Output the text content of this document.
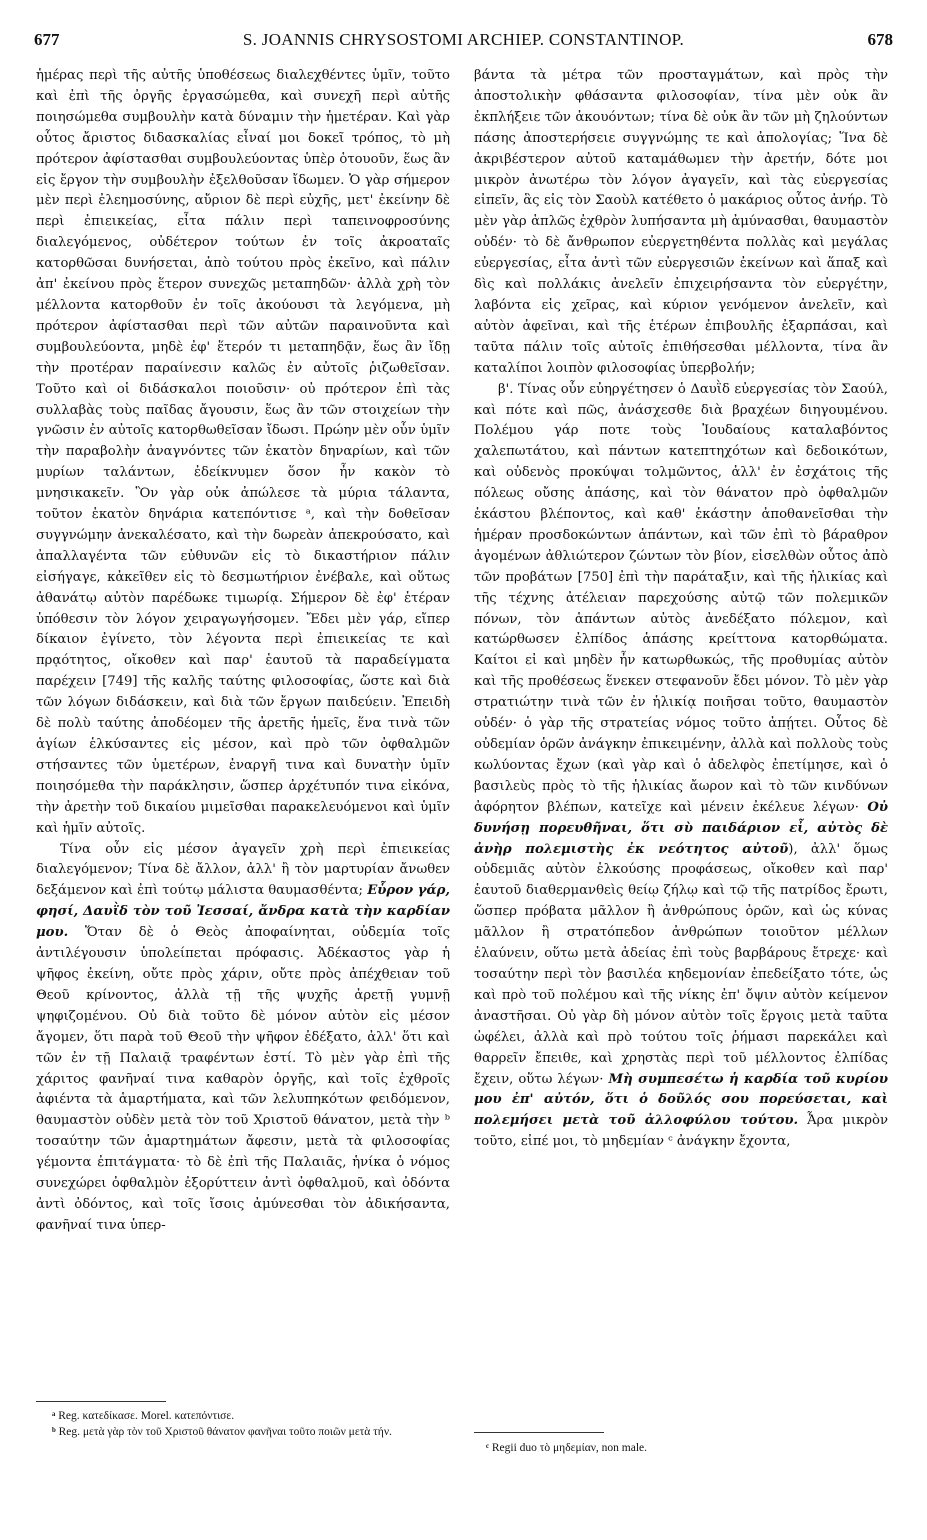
677	S. JOANNIS CHRYSOSTOMI ARCHIEP. CONSTANTINOP.	678

ἡμέρας περὶ τῆς αὐτῆς ὑποθέσεως διαλεχθέντες ὑμῖν, τοῦτο καὶ ἐπὶ τῆς ὀργῆς ἐργασώμεθα, καὶ συνεχῆ περὶ αὐτῆς ποιησώμεθα συμβουλὴν κατὰ δύναμιν τὴν ἡμετέραν. Καὶ γὰρ οὗτος ἄριστος διδασκαλίας εἶναί μοι δοκεῖ τρόπος, τὸ μὴ πρότερον ἀφίστασθαι συμβουλεύοντας ὑπὲρ ὁτουοῦν, ἕως ἂν εἰς ἔργον τὴν συμβουλὴν ἐξελθοῦσαν ἴδωμεν. Ὁ γὰρ σήμερον μὲν περὶ ἐλεημοσύνης, αὔριον δὲ περὶ εὐχῆς, μετ' ἐκείνην δὲ περὶ ἐπιεικείας, εἶτα πάλιν περὶ ταπεινοφροσύνης διαλεγόμενος, οὐδέτερον τούτων ἐν τοῖς ἀκροαταῖς κατορθῶσαι δυνήσεται, ἀπὸ τούτου πρὸς ἐκεῖνο, καὶ πάλιν ἀπ' ἐκείνου πρὸς ἕτερον συνεχῶς μεταπηδῶν· ἀλλὰ χρὴ τὸν μέλλοντα κατορθοῦν ἐν τοῖς ἀκούουσι τὰ λεγόμενα, μὴ πρότερον ἀφίστασθαι περὶ τῶν αὐτῶν παραινοῦντα καὶ συμβουλεύοντα, μηδὲ ἐφ' ἕτερόν τι μεταπηδᾷν, ἕως ἂν ἴδῃ τὴν προτέραν παραίνεσιν καλῶς ἐν αὐτοῖς ῥιζωθεῖσαν. Τοῦτο καὶ οἱ διδάσκαλοι ποιοῦσιν· οὐ πρότερον ἐπὶ τὰς συλλαβὰς τοὺς παῖδας ἄγουσιν, ἕως ἂν τῶν στοιχείων τὴν γνῶσιν ἐν αὐτοῖς κατορθωθεῖσαν ἴδωσι. Πρώην μὲν οὖν ὑμῖν τὴν παραβολὴν ἀναγνόντες τῶν ἑκατὸν δηναρίων, καὶ τῶν μυρίων ταλάντων, ἐδείκνυμεν ὅσον ἦν κακὸν τὸ μνησικακεῖν. Ὃν γὰρ οὐκ ἀπώλεσε τὰ μύρια τάλαντα, τοῦτον ἑκατὸν δηνάρια κατεπόντισε ᵃ, καὶ τὴν δοθεῖσαν συγγνώμην ἀνεκαλέσατο, καὶ τὴν δωρεὰν ἀπεκρούσατο, καὶ ἀπαλλαγέντα τῶν εὐθυνῶν εἰς τὸ δικαστήριον πάλιν εἰσήγαγε, κἀκεῖθεν εἰς τὸ δεσμωτήριον ἐνέβαλε, καὶ οὕτως ἀθανάτῳ αὐτὸν παρέδωκε τιμωρίᾳ. Σήμερον δὲ ἐφ' ἑτέραν ὑπόθεσιν τὸν λόγον χειραγωγήσομεν. Ἔδει μὲν γάρ, εἴπερ δίκαιον ἐγίνετο, τὸν λέγοντα περὶ ἐπιεικείας τε καὶ πρᾳότητος, οἴκοθεν καὶ παρ' ἑαυτοῦ τὰ παραδείγματα παρέχειν [749] τῆς καλῆς ταύτης φιλοσοφίας, ὥστε καὶ διὰ τῶν λόγων διδάσκειν, καὶ διὰ τῶν ἔργων παιδεύειν. Ἐπειδὴ δὲ πολὺ ταύτης ἀποδέομεν τῆς ἀρετῆς ἡμεῖς, ἕνα τινὰ τῶν ἁγίων ἑλκύσαντες εἰς μέσον, καὶ πρὸ τῶν ὀφθαλμῶν στήσαντες τῶν ὑμετέρων, ἐναργῆ τινα καὶ δυνατὴν ὑμῖν ποιησόμεθα τὴν παράκλησιν, ὥσπερ ἀρχέτυπόν τινα εἰκόνα, τὴν ἀρετὴν τοῦ δικαίου μιμεῖσθαι παρακελευόμενοι καὶ ὑμῖν καὶ ἡμῖν αὐτοῖς.

Τίνα οὖν εἰς μέσον ἀγαγεῖν χρὴ περὶ ἐπιεικείας διαλεγόμενον; Τίνα δὲ ἄλλον, ἀλλ' ἢ τὸν μαρτυρίαν ἄνωθεν δεξάμενον καὶ ἐπὶ τούτῳ μάλιστα θαυμασθέντα; Εὗρον γάρ, φησί, Δαυῒδ τὸν τοῦ Ἰεσσαί, ἄνδρα κατὰ τὴν καρδίαν μου. Ὅταν δὲ ὁ Θεὸς ἀποφαίνηται, οὐδεμία τοῖς ἀντιλέγουσιν ὑπολείπεται πρόφασις. Ἀδέκαστος γὰρ ἡ ψῆφος ἐκείνη, οὔτε πρὸς χάριν, οὔτε πρὸς ἀπέχθειαν τοῦ Θεοῦ κρίνοντος, ἀλλὰ τῇ τῆς ψυχῆς ἀρετῇ γυμνῇ ψηφιζομένου. Οὐ διὰ τοῦτο δὲ μόνον αὐτὸν εἰς μέσον ἄγομεν, ὅτι παρὰ τοῦ Θεοῦ τὴν ψῆφον ἐδέξατο, ἀλλ' ὅτι καὶ τῶν ἐν τῇ Παλαιᾷ τραφέντων ἐστί. Τὸ μὲν γὰρ ἐπὶ τῆς χάριτος φανῆναί τινα καθαρὸν ὀργῆς, καὶ τοῖς ἐχθροῖς ἀφιέντα τὰ ἁμαρτήματα, καὶ τῶν λελυπηκότων φειδόμενον, θαυμαστὸν οὐδὲν μετὰ τὸν τοῦ Χριστοῦ θάνατον, μετὰ τὴν ᵇ τοσαύτην τῶν ἁμαρτημάτων ἄφεσιν, μετὰ τὰ φιλοσοφίας γέμοντα ἐπιτάγματα· τὸ δὲ ἐπὶ τῆς Παλαιᾶς, ἡνίκα ὁ νόμος συνεχώρει ὀφθαλμὸν ἐξορύττειν ἀντὶ ὀφθαλμοῦ, καὶ ὀδόντα ἀντὶ ὀδόντος, καὶ τοῖς ἴσοις ἀμύνεσθαι τὸν ἀδικήσαντα, φανῆναί τινα ὑπερ-

βάντα τὰ μέτρα τῶν προσταγμάτων, καὶ πρὸς τὴν ἀποστολικὴν φθάσαντα φιλοσοφίαν, τίνα μὲν οὐκ ἂν ἐκπλήξειε τῶν ἀκουόντων; τίνα δὲ οὐκ ἂν τῶν μὴ ζηλούντων πάσης ἀποστερήσειε συγγνώμης τε καὶ ἀπολογίας; Ἵνα δὲ ἀκριβέστερον αὐτοῦ καταμάθωμεν τὴν ἀρετήν, δότε μοι μικρὸν ἀνωτέρω τὸν λόγον ἀγαγεῖν, καὶ τὰς εὐεργεσίας εἰπεῖν, ἃς εἰς τὸν Σαοὺλ κατέθετο ὁ μακάριος οὗτος ἀνήρ. Τὸ μὲν γὰρ ἁπλῶς ἐχθρὸν λυπήσαντα μὴ ἀμύνασθαι, θαυμαστὸν οὐδέν· τὸ δὲ ἄνθρωπον εὐεργετηθέντα πολλὰς καὶ μεγάλας εὐεργεσίας, εἶτα ἀντὶ τῶν εὐεργεσιῶν ἐκείνων καὶ ἅπαξ καὶ δὶς καὶ πολλάκις ἀνελεῖν ἐπιχειρήσαντα τὸν εὐεργέτην, λαβόντα εἰς χεῖρας, καὶ κύριον γενόμενον ἀνελεῖν, καὶ αὐτὸν ἀφεῖναι, καὶ τῆς ἑτέρων ἐπιβουλῆς ἐξαρπάσαι, καὶ ταῦτα πάλιν τοῖς αὐτοῖς ἐπιθήσεσθαι μέλλοντα, τίνα ἂν καταλίποι λοιπὸν φιλοσοφίας ὑπερβολήν;

β'. Τίνας οὖν εὐηργέτησεν ὁ Δαυῒδ εὐεργεσίας τὸν Σαούλ, καὶ πότε καὶ πῶς, ἀνάσχεσθε διὰ βραχέων διηγουμένου. Πολέμου γάρ ποτε τοὺς Ἰουδαίους καταλαβόντος χαλεπωτάτου, καὶ πάντων κατεπτηχότων καὶ δεδοικότων, καὶ οὐδενὸς προκύψαι τολμῶντος, ἀλλ' ἐν ἐσχάτοις τῆς πόλεως οὔσης ἁπάσης, καὶ τὸν θάνατον πρὸ ὀφθαλμῶν ἑκάστου βλέποντος, καὶ καθ' ἑκάστην ἀποθανεῖσθαι τὴν ἡμέραν προσδοκώντων ἁπάντων, καὶ τῶν ἐπὶ τὸ βάραθρον ἀγομένων ἀθλιώτερον ζώντων τὸν βίον, εἰσελθὼν οὗτος ἀπὸ τῶν προβάτων [750] ἐπὶ τὴν παράταξιν, καὶ τῆς ἡλικίας καὶ τῆς τέχνης ἀτέλειαν παρεχούσης αὐτῷ τῶν πολεμικῶν πόνων, τὸν ἁπάντων αὐτὸς ἀνεδέξατο πόλεμον, καὶ κατώρθωσεν ἐλπίδος ἁπάσης κρείττονα κατορθώματα. Καίτοι εἰ καὶ μηδὲν ἦν κατωρθωκώς, τῆς προθυμίας αὐτὸν καὶ τῆς προθέσεως ἕνεκεν στεφανοῦν ἔδει μόνον. Τὸ μὲν γὰρ στρατιώτην τινὰ τῶν ἐν ἡλικίᾳ ποιῆσαι τοῦτο, θαυμαστὸν οὐδέν· ὁ γὰρ τῆς στρατείας νόμος τοῦτο ἀπῄτει. Οὗτος δὲ οὐδεμίαν ὁρῶν ἀνάγκην ἐπικειμένην, ἀλλὰ καὶ πολλοὺς τοὺς κωλύοντας ἔχων (καὶ γὰρ καὶ ὁ ἀδελφὸς ἐπετίμησε, καὶ ὁ βασιλεὺς πρὸς τὸ τῆς ἡλικίας ἄωρον καὶ τὸ τῶν κινδύνων ἀφόρητον βλέπων, κατεῖχε καὶ μένειν ἐκέλευε λέγων· Οὐ δυνήσῃ πορευθῆναι, ὅτι σὺ παιδάριον εἶ, αὐτὸς δὲ ἀνὴρ πολεμιστὴς ἐκ νεότητος αὐτοῦ), ἀλλ' ὅμως οὐδεμιᾶς αὐτὸν ἑλκούσης προφάσεως, οἴκοθεν καὶ παρ' ἑαυτοῦ διαθερμανθεὶς θείῳ ζήλῳ καὶ τῷ τῆς πατρίδος ἔρωτι, ὥσπερ πρόβατα μᾶλλον ἢ ἀνθρώπους ὁρῶν, καὶ ὡς κύνας μᾶλλον ἢ στρατόπεδον ἀνθρώπων τοιοῦτον μέλλων ἐλαύνειν, οὕτω μετὰ ἀδείας ἐπὶ τοὺς βαρβάρους ἔτρεχε· καὶ τοσαύτην περὶ τὸν βασιλέα κηδεμονίαν ἐπεδείξατο τότε, ὡς καὶ πρὸ τοῦ πολέμου καὶ τῆς νίκης ἐπ' ὄψιν αὐτὸν κείμενον ἀναστῆσαι. Οὐ γὰρ δὴ μόνον αὐτὸν τοῖς ἔργοις μετὰ ταῦτα ὠφέλει, ἀλλὰ καὶ πρὸ τούτου τοῖς ῥήμασι παρεκάλει καὶ θαρρεῖν ἔπειθε, καὶ χρηστὰς περὶ τοῦ μέλλοντος ἐλπίδας ἔχειν, οὕτω λέγων· Μὴ συμπεσέτω ἡ καρδία τοῦ κυρίου μου ἐπ' αὐτόν, ὅτι ὁ δοῦλός σου πορεύσεται, καὶ πολεμήσει μετὰ τοῦ ἀλλοφύλου τούτου. Ἆρα μικρὸν τοῦτο, εἰπέ μοι, τὸ μηδεμίαν ᶜ ἀνάγκην ἔχοντα,

ᵃ Reg. κατεδίκασε. Morel. κατεπόντισε.
ᵇ Reg. μετὰ γὰρ τὸν τοῦ Χριστοῦ θάνατον φανῆναι τοῦτο ποιῶν μετὰ τήν.
ᶜ Regii duo τὸ μηδεμίαν, non male.
